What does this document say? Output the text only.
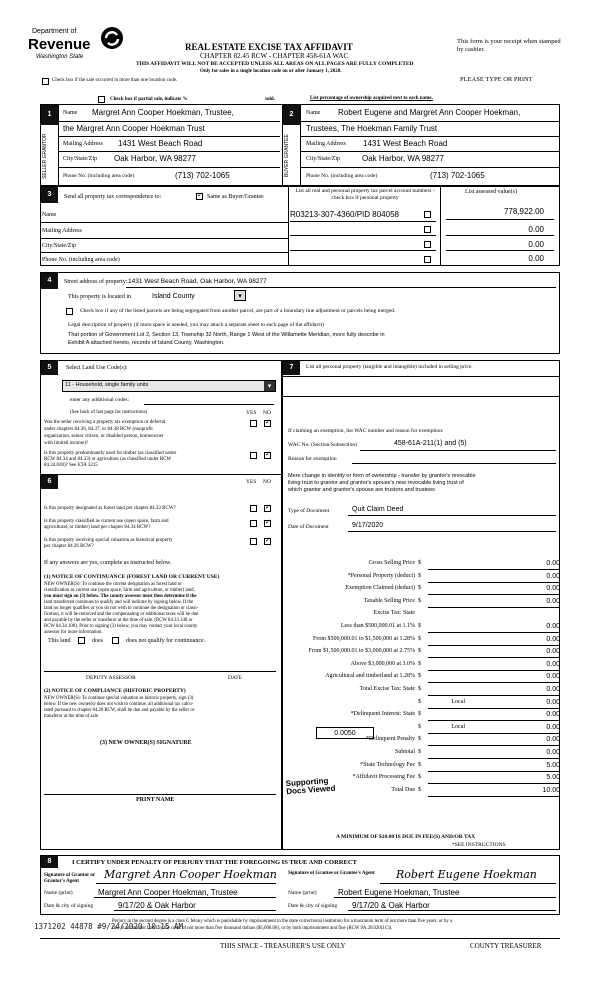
Department of
Revenue
Washington State
REAL ESTATE EXCISE TAX AFFIDAVIT
CHAPTER 82.45 RCW - CHAPTER 458-61A WAC
THIS AFFIDAVIT WILL NOT BE ACCEPTED UNLESS ALL AREAS ON ALL PAGES ARE FULLY COMPLETED
Only for sales in a single location code on or after January 1, 2020.
This form is your receipt when stamped by cashier.
PLEASE TYPE OR PRINT
Check box if the sale occurred in more than one location code.
Check box if partial sale, indicate %	sold.	List percentage of ownership acquired next to each name.
1
SELLER GRANTOR
Name Margret Ann Cooper Hoekman, Trustee,
the Margret Ann Cooper Hoekman Trust
Mailing Address 1431 West Beach Road
City/State/Zip Oak Harbor, WA 98277
Phone No. (including area code)	(713) 702-1065
2
BUYER GRANTEE
Name Robert Eugene and Margret Ann Cooper Hoekman,
Trustees, The Hoekman Family Trust
Mailing Address 1431 West Beach Road
City/State/Zip	Oak Harbor, WA 98277
Phone No. (including area code)	(713) 702-1065
3	Send all property tax correspondence to:
✓	Same as Buyer/Grantee
List all real and personal property tax parcel account numbers - check box if personal property
List assessed value(s)
Name
Mailing Address
City/State/Zip
Phone No. (including area code)
R03213-307-4360/PID 804058	778,922.00
0.00
0.00
0.00
4	Street address of property: 1431 West Beach Road, Oak Harbor, WA 98277
This property is located in	Island County	▾
Check box if any of the listed parcels are being segregated from another parcel, are part of a boundary line adjustment or parcels being merged.
Legal description of property (if more space is needed, you may attach a separate sheet to each page of the affidavit)
That portion of Government Lot 2, Section 13, Township 32 North, Range 1 West of the Willamette Meridian, more fully describe in
Exhibit A attached hereto, records of Island County, Washington.
5	Select Land Use Code(s):
11 - Household, single family units	▾
enter any additional codes:
(See back of last page for instructions)	YES NO
Was the seller receiving a property tax exemption or deferral
under chapters 84.36, 84.37, or 84.38 RCW (nonprofit
organization, senior citizen, or disabled person, homeowner
with limited income)?
✓
Is this property predominantly used for timber (as classified under
RCW 84.34 and 84.33) or agriculture (as classified under RCW
84.34.020)? See ETA 3215
✓
6	YES NO
Is this property designated as forest land per chapter 84.33 RCW?
✓
Is this property classified as current use (open space, farm and
agricultural, or timber) land per chapter 84.34 RCW?
✓
Is this property receiving special valuation as historical property
per chapter 84.26 RCW?
✓
If any answers are yes, complete as instructed below.
(1) NOTICE OF CONTINUANCE (FOREST LAND OR CURRENT USE)
NEW OWNER(S): To continue the current designation as forest land or
classification as current use (open space, farm and agriculture, or timber) land,
you must sign on (3) below. The county assessor must then determine if the
land transferred continues to qualify and will indicate by signing below. If the
land no longer qualifies or you do not wish to continue the designation or classi-
fication, it will be removed and the compensating or additional taxes will be due
and payable by the seller or transferor at the time of sale. (RCW 84.33.140 or
RCW 84.34.108). Prior to signing (3) below, you may contact your local county
assessor for more information.
This land	does	does not qualify for continuance.
DEPUTY ASSESSOR	DATE
(2) NOTICE OF COMPLIANCE (HISTORIC PROPERTY)
NEW OWNER(S): To continue special valuation as historic property, sign (3)
below. If the new owner(s) does not wish to continue, all additional tax calcu-
lated pursuant to chapter 84.26 RCW, shall be due and payable by the seller or
transferor at the time of sale.
(3) NEW OWNER(S) SIGNATURE
PRINT NAME
7	List all personal property (tangible and intangible) included in selling price.
If claiming an exemption, list WAC number and reason for exemption:
WAC No. (Section/Subsection)	458-61A-211(1) and (5)
Reason for exemption
Mere change in identity or form of ownership - transfer by grantor's revocable
living trust to grantor and grantor's spouse's new revocable living trust of
which grantor and grantor's spouse are trustors and trustees
Type of Document	Quit Claim Deed
Date of Document	9/17/2020
Gross Selling Price $	0.00
*Personal Property (deduct) $	0.00
Exemption Claimed (deduct) $	0.00
Taxable Selling Price $	0.00
Excise Tax: State
Less than $500,000.01 at 1.1% $	0.00
From $500,000.01 to $1,500,000 at 1.28% $	0.00
From $1,500,000.01 to $3,000,000 at 2.75% $	0.00
Above $3,000,000 at 3.0% $	0.00
Agricultural and timberland at 1.28% $	0.00
Total Excise Tax: State $	0.00
Local
$	0.00
*Delinquent Interest: State $	0.00
Local
$	0.00
*Delinquent Penalty $	0.00
Subtotal $	0.00
*State Technology Fee $	5.00
*Affidavit Processing Fee $	5.00
Total Due $	10.00
0.0050
Supporting Docs Viewed
A MINIMUM OF $10.00 IS DUE IN FEE(S) AND/OR TAX
*SEE INSTRUCTIONS
8	I CERTIFY UNDER PENALTY OF PERJURY THAT THE FOREGOING IS TRUE AND CORRECT
Signature of Grantor or Grantor's Agent
Margret Ann Cooper Hoekman Signature of Grantee or Grantee's Agent	Robert Eugene Hoekman
Name (print)	Margret Ann Cooper Hoekman, Trustee	Name (print)	Robert Eugene Hoekman, Trustee
Date & city of signing	9/17/20 & Oak Harbor	Date & city of signing 9/17/20 & Oak Harbor
Perjury in the second degree is a class C felony which is punishable by imprisonment in the state correctional institution for a maximum term of not more than five years, or by a
fine in an amount fixed by the court of not more than five thousand dollars ($5,000.00), or by both imprisonment and fine (RCW 9A.20.020(1C)).
1371202 44878 #9/24/2020 10:15 AM
THIS SPACE - TREASURER'S USE ONLY	COUNTY TREASURER
